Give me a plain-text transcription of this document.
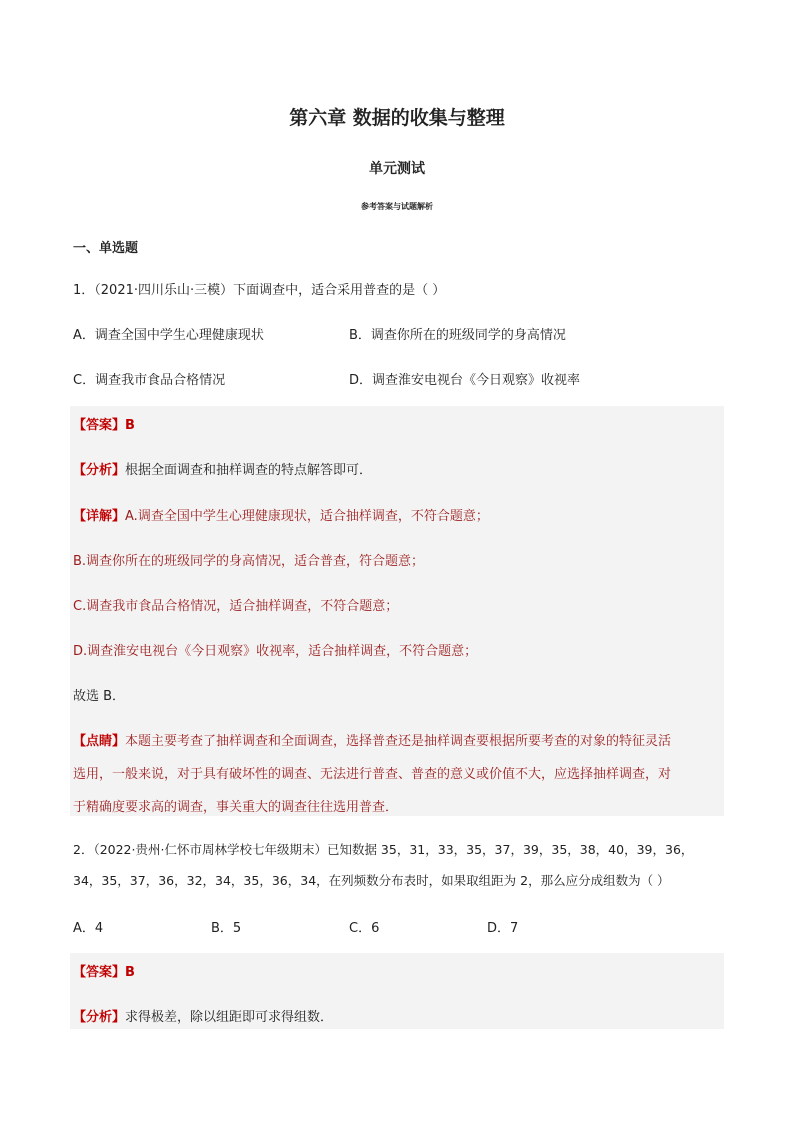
第六章 数据的收集与整理
单元测试
参考答案与试题解析
一、单选题
1．（2021·四川乐山·三模）下面调查中，适合采用普查的是（ ）
A．调查全国中学生心理健康现状	B．调查你所在的班级同学的身高情况
C．调查我市食品合格情况	D．调查淮安电视台《今日观察》收视率
【答案】B
【分析】根据全面调查和抽样调查的特点解答即可．
【详解】A.调查全国中学生心理健康现状，适合抽样调查，不符合题意；
B.调查你所在的班级同学的身高情况，适合普查，符合题意；
C.调查我市食品合格情况，适合抽样调查，不符合题意；
D.调查淮安电视台《今日观察》收视率，适合抽样调查，不符合题意；
故选 B．
【点睛】本题主要考查了抽样调查和全面调查，选择普查还是抽样调查要根据所要考查的对象的特征灵活
选用，一般来说，对于具有破坏性的调查、无法进行普查、普查的意义或价值不大，应选择抽样调查，对
于精确度要求高的调查，事关重大的调查往往选用普查．
2．（2022·贵州·仁怀市周林学校七年级期末）已知数据 35，31，33，35，37，39，35，38，40，39，36，
34，35，37，36，32，34，35，36，34，在列频数分布表时，如果取组距为 2，那么应分成组数为（ ）
A．4	B．5	C．6	D．7
【答案】B
【分析】求得极差，除以组距即可求得组数．
